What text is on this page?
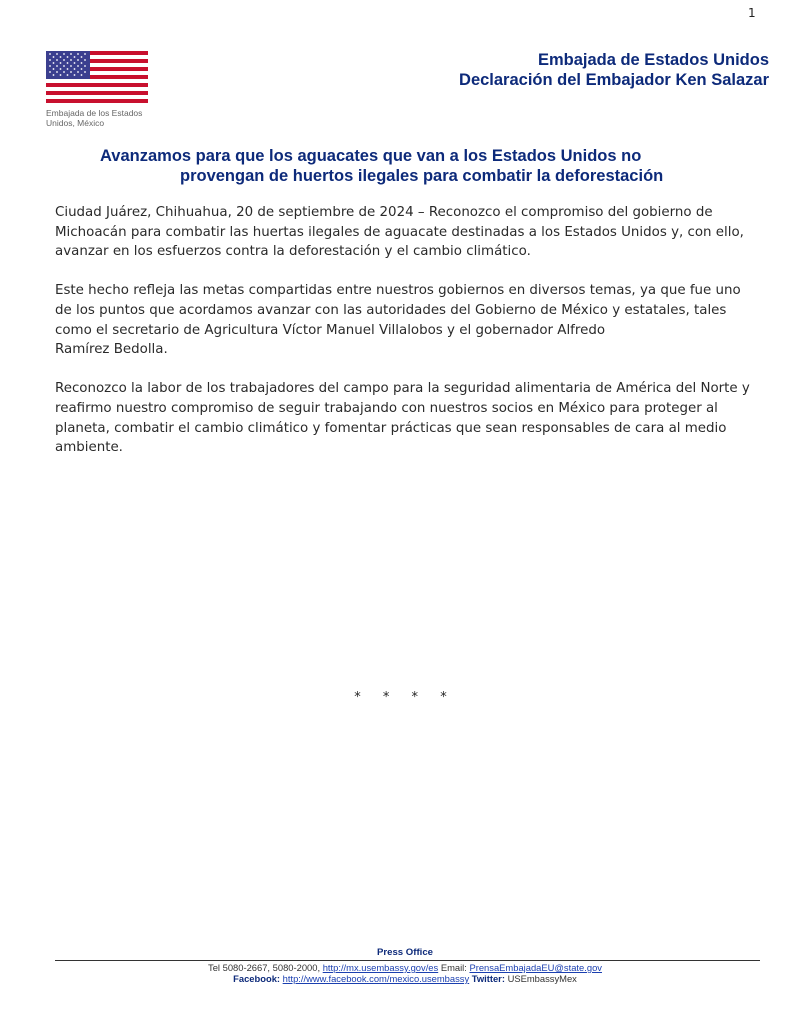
1
Embajada de los Estados
Unidos, México
Embajada de Estados Unidos
Declaración del Embajador Ken Salazar
Avanzamos para que los aguacates que van a los Estados Unidos no
provengan de huertos ilegales para combatir la deforestación

Ciudad Juárez, Chihuahua, 20 de septiembre de 2024 – Reconozco el compromiso del gobierno de Michoacán para combatir las huertas ilegales de aguacate destinadas a los Estados Unidos y, con ello, avanzar en los esfuerzos contra la deforestación y el cambio climático.

Este hecho refleja las metas compartidas entre nuestros gobiernos en diversos temas, ya que fue uno de los puntos que acordamos avanzar con las autoridades del Gobierno de México y estatales, tales como el secretario de Agricultura Víctor Manuel Villalobos y el gobernador Alfredo

Ramírez Bedolla.

Reconozco la labor de los trabajadores del campo para la seguridad alimentaria de América del Norte y reafirmo nuestro compromiso de seguir trabajando con nuestros socios en México para proteger al planeta, combatir el cambio climático y fomentar prácticas que sean responsables de cara al medio ambiente.

* * * *
Press Office
Tel 5080-2667, 5080-2000, http://mx.usembassy.gov/es Email: PrensaEmbajadaEU@state.gov
Facebook: http://www.facebook.com/mexico.usembassy Twitter: USEmbassyMex
